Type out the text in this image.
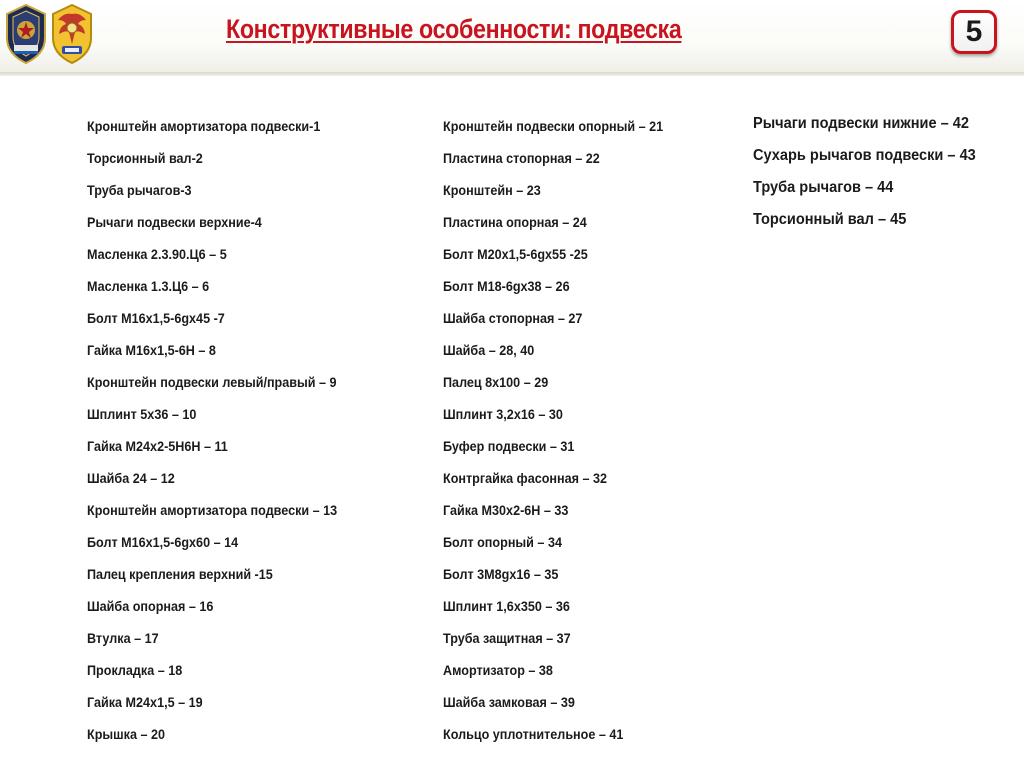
Конструктивные особенности: подвеска	5
Кронштейн амортизатора подвески-1
Торсионный вал-2
Труба рычагов-3
Рычаги подвески верхние-4
Масленка 2.3.90.Ц6 – 5
Масленка 1.3.Ц6 – 6
Болт М16х1,5-6gх45 -7
Гайка М16х1,5-6Н – 8
Кронштейн подвески левый/правый – 9
Шплинт 5х36 – 10
Гайка М24х2-5Н6Н – 11
Шайба 24 – 12
Кронштейн амортизатора подвески – 13
Болт М16х1,5-6gх60 – 14
Палец крепления верхний -15
Шайба опорная – 16
Втулка – 17
Прокладка – 18
Гайка М24х1,5 – 19
Крышка – 20
Кронштейн подвески опорный – 21
Пластина стопорная – 22
Кронштейн – 23
Пластина опорная – 24
Болт М20х1,5-6gх55 -25
Болт М18-6gх38 – 26
Шайба стопорная – 27
Шайба – 28, 40
Палец 8х100 – 29
Шплинт 3,2х16 – 30
Буфер подвески – 31
Контргайка фасонная – 32
Гайка М30х2-6Н – 33
Болт опорный – 34
Болт 3М8gх16 – 35
Шплинт 1,6х350 – 36
Труба защитная – 37
Амортизатор – 38
Шайба замковая – 39
Кольцо уплотнительное – 41
Рычаги подвески нижние – 42
Сухарь рычагов подвески – 43
Труба рычагов – 44
Торсионный вал – 45
